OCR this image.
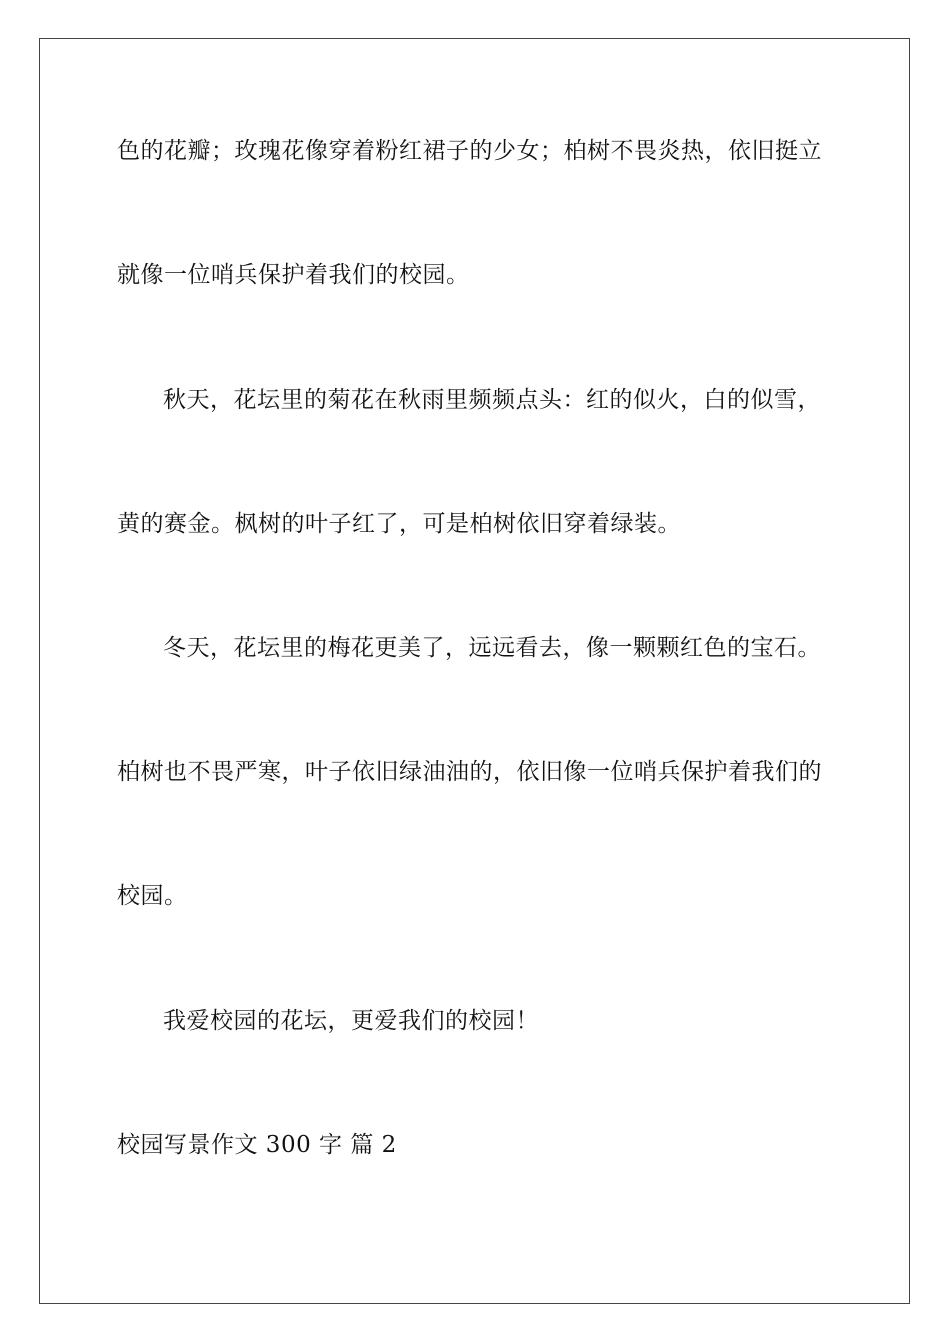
色的花瓣；玫瑰花像穿着粉红裙子的少女；柏树不畏炎热，依旧挺立
就像一位哨兵保护着我们的校园。
秋天，花坛里的菊花在秋雨里频频点头：红的似火，白的似雪，
黄的赛金。枫树的叶子红了，可是柏树依旧穿着绿装。
冬天，花坛里的梅花更美了，远远看去，像一颗颗红色的宝石。
柏树也不畏严寒，叶子依旧绿油油的，依旧像一位哨兵保护着我们的
校园。
我爱校园的花坛，更爱我们的校园！
校园写景作文 300 字 篇 2
